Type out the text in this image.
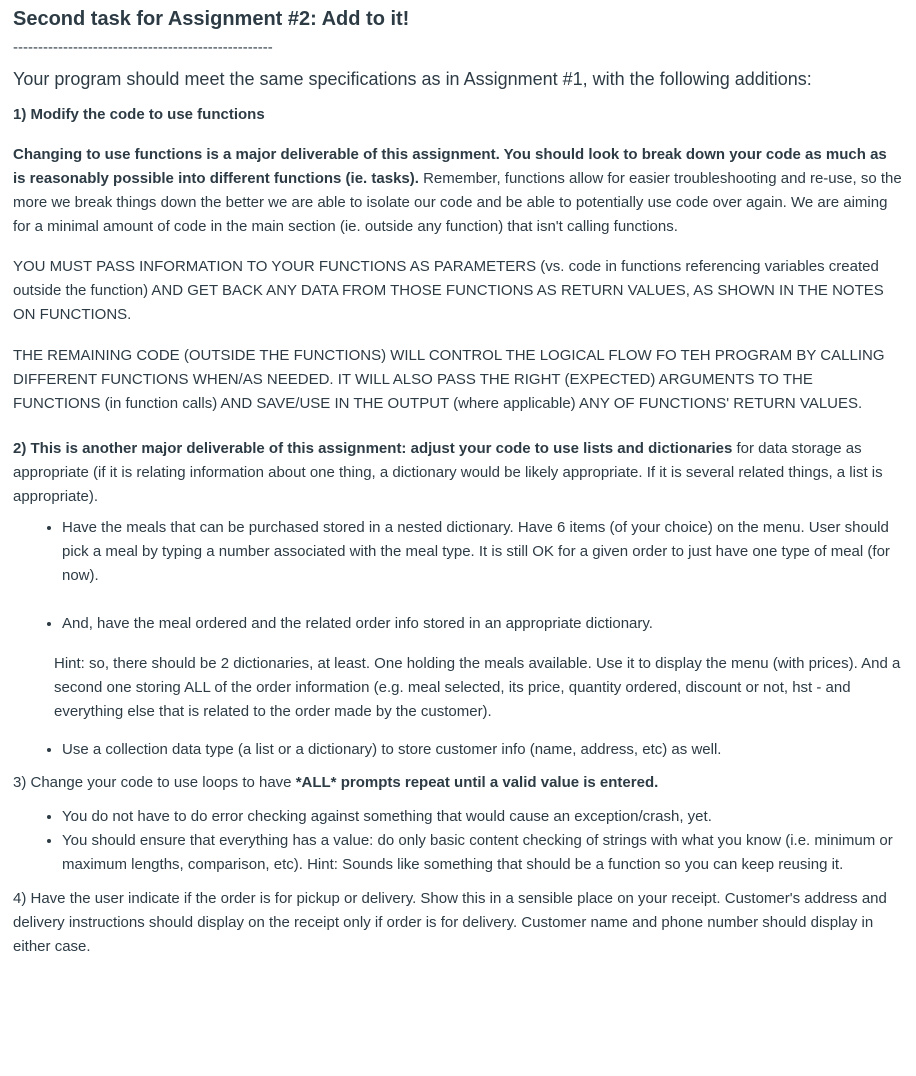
Second task for Assignment #2: Add to it!
----------------------------------------------------

Your program should meet the same specifications as in Assignment #1, with the following additions:

1) Modify the code to use functions

Changing to use functions is a major deliverable of this assignment. You should look to break down your code as much as is reasonably possible into different functions (ie. tasks). Remember, functions allow for easier troubleshooting and re-use, so the more we break things down the better we are able to isolate our code and be able to potentially use code over again. We are aiming for a minimal amount of code in the main section (ie. outside any function) that isn't calling functions.

YOU MUST PASS INFORMATION TO YOUR FUNCTIONS AS PARAMETERS (vs. code in functions referencing variables created outside the function) AND GET BACK ANY DATA FROM THOSE FUNCTIONS AS RETURN VALUES, AS SHOWN IN THE NOTES ON FUNCTIONS.

THE REMAINING CODE (OUTSIDE THE FUNCTIONS) WILL CONTROL THE LOGICAL FLOW FO TEH PROGRAM BY CALLING DIFFERENT FUNCTIONS WHEN/AS NEEDED. IT WILL ALSO PASS THE RIGHT (EXPECTED) ARGUMENTS TO THE FUNCTIONS (in function calls) AND SAVE/USE IN THE OUTPUT (where applicable) ANY OF FUNCTIONS' RETURN VALUES.

2) This is another major deliverable of this assignment: adjust your code to use lists and dictionaries for data storage as appropriate (if it is relating information about one thing, a dictionary would be likely appropriate. If it is several related things, a list is appropriate).

• Have the meals that can be purchased stored in a nested dictionary. Have 6 items (of your choice) on the menu. User should pick a meal by typing a number associated with the meal type. It is still OK for a given order to just have one type of meal (for now).
• And, have the meal ordered and the related order info stored in an appropriate dictionary.

Hint: so, there should be 2 dictionaries, at least. One holding the meals available. Use it to display the menu (with prices). And a second one storing ALL of the order information (e.g. meal selected, its price, quantity ordered, discount or not, hst - and everything else that is related to the order made by the customer).

• Use a collection data type (a list or a dictionary) to store customer info (name, address, etc) as well.

3) Change your code to use loops to have *ALL* prompts repeat until a valid value is entered.

• You do not have to do error checking against something that would cause an exception/crash, yet.
• You should ensure that everything has a value: do only basic content checking of strings with what you know (i.e. minimum or maximum lengths, comparison, etc). Hint: Sounds like something that should be a function so you can keep reusing it.

4) Have the user indicate if the order is for pickup or delivery. Show this in a sensible place on your receipt. Customer's address and delivery instructions should display on the receipt only if order is for delivery. Customer name and phone number should display in either case.
